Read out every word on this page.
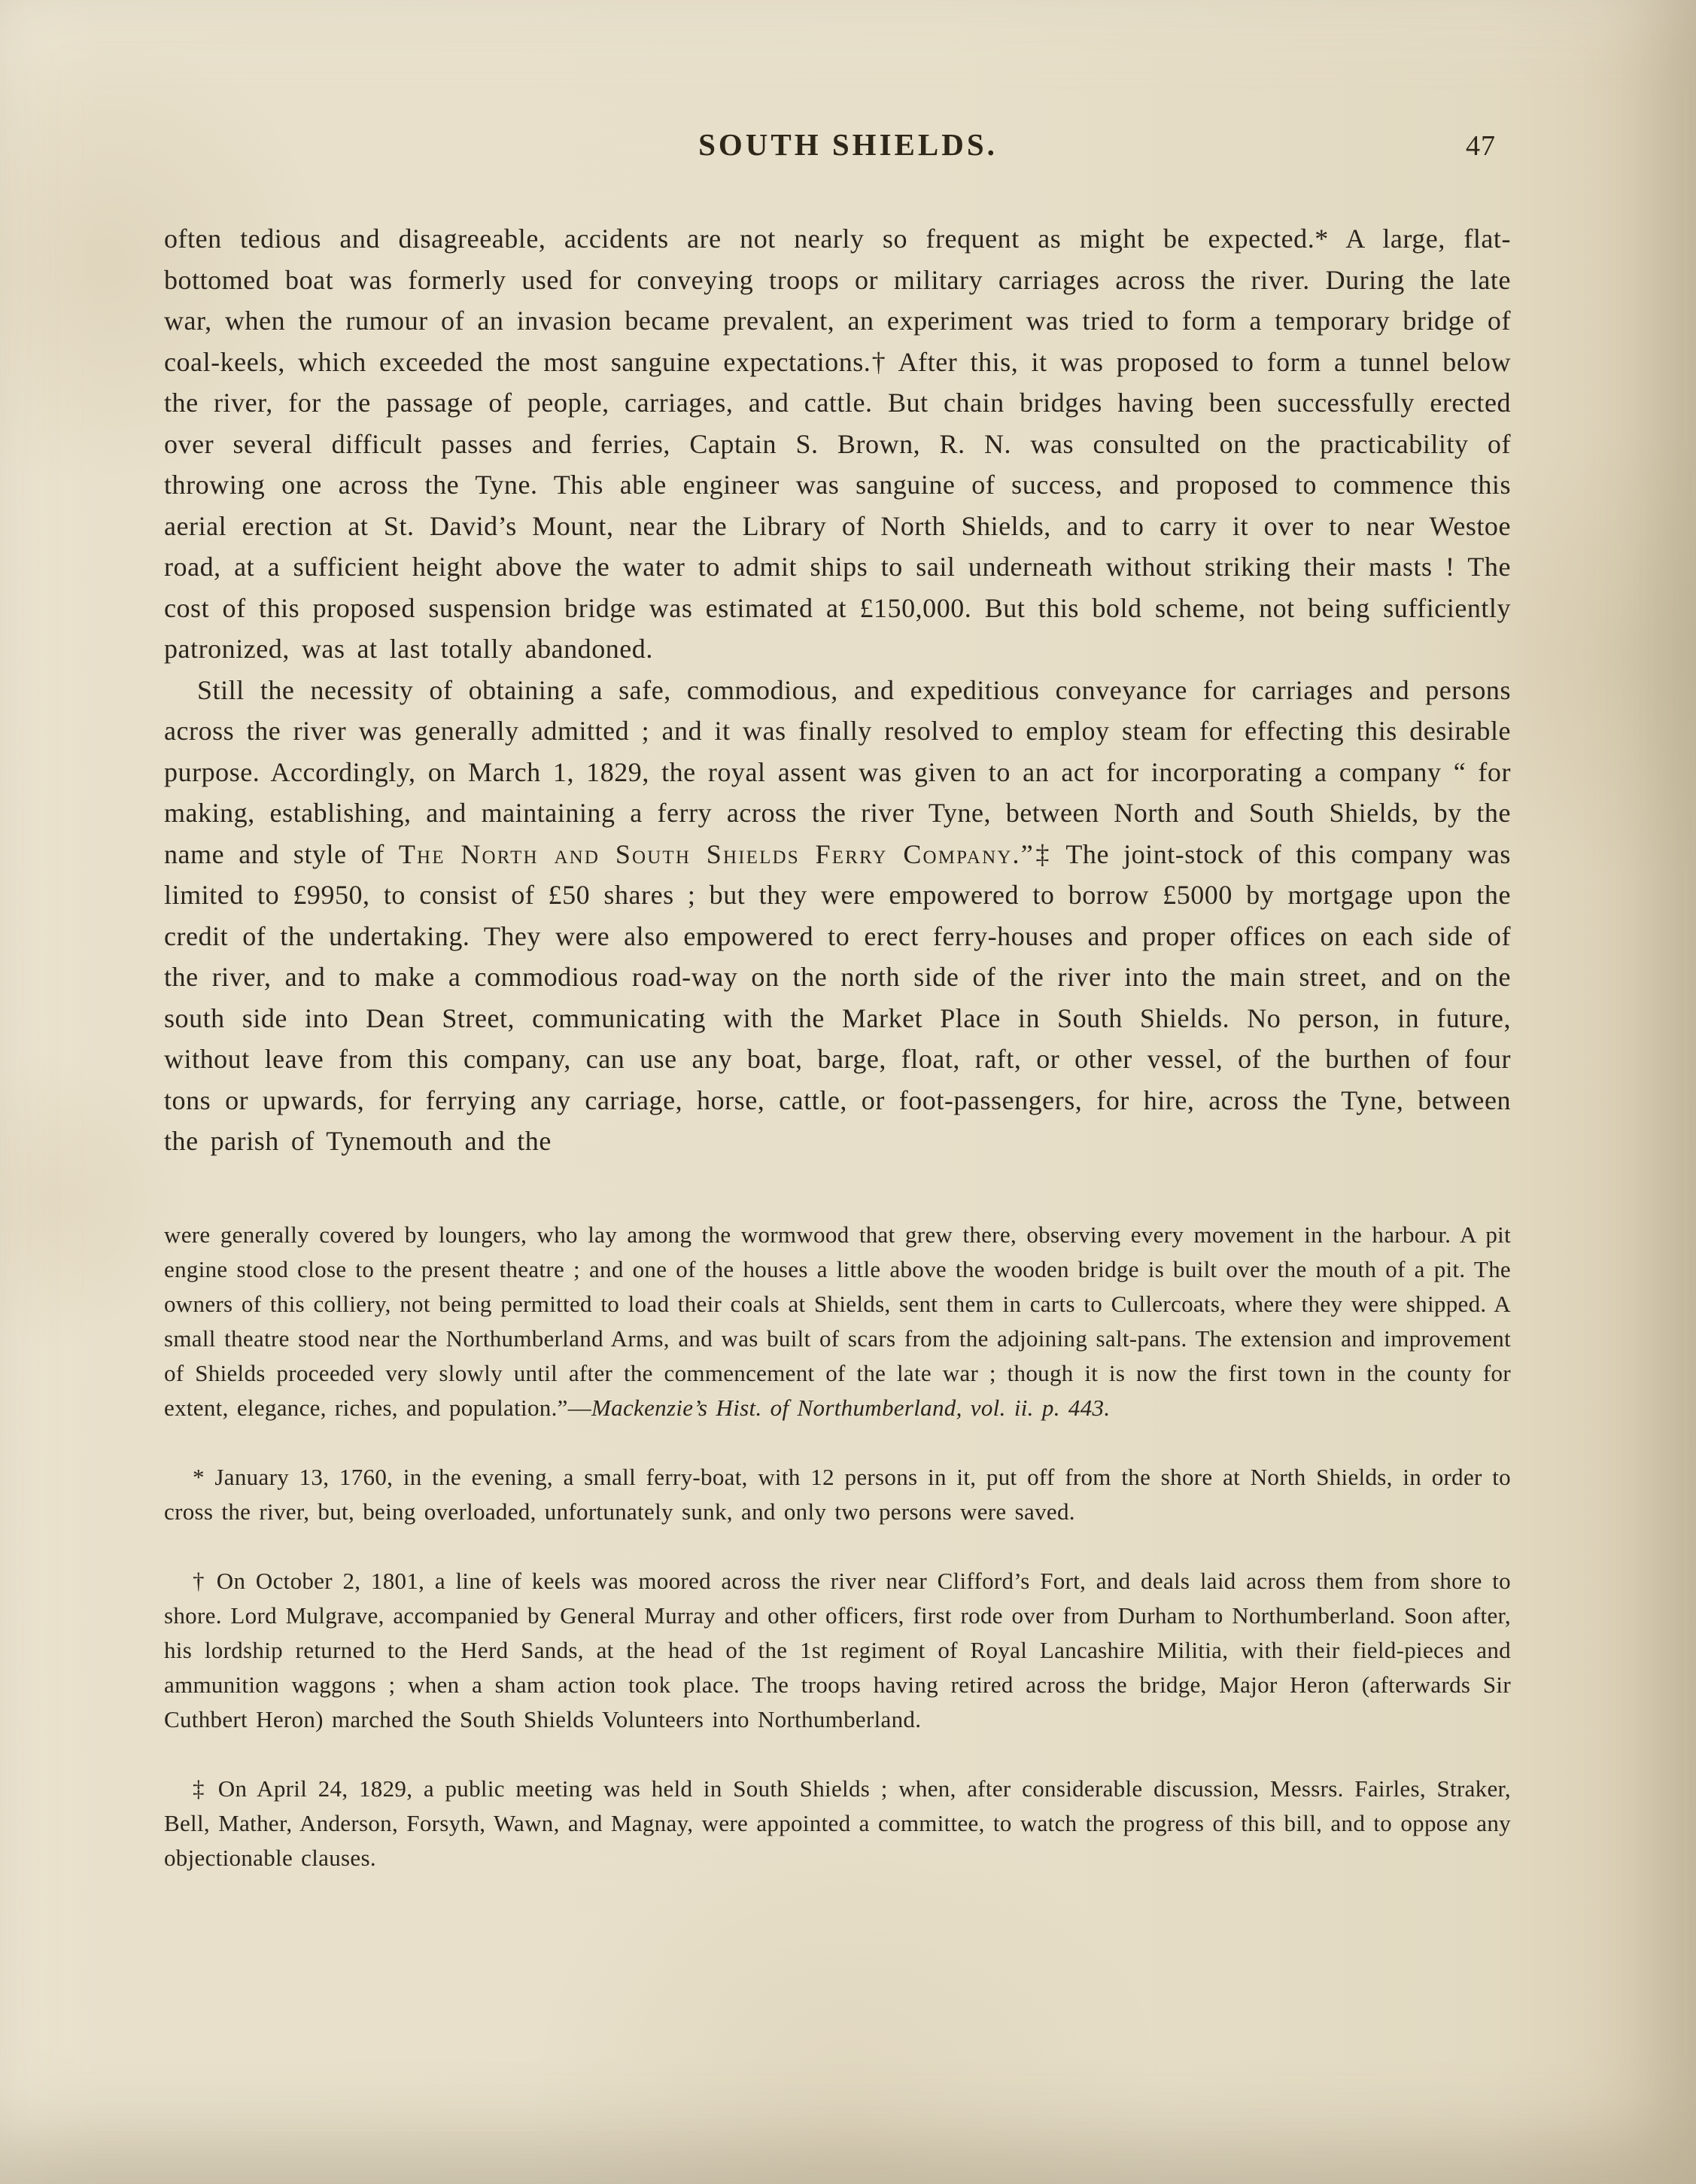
SOUTH SHIELDS.	47

often tedious and disagreeable, accidents are not nearly so frequent as might be expected.* A large, flat-bottomed boat was formerly used for conveying troops or military carriages across the river. During the late war, when the rumour of an invasion became prevalent, an experiment was tried to form a temporary bridge of coal-keels, which exceeded the most sanguine expectations.† After this, it was proposed to form a tunnel below the river, for the passage of people, carriages, and cattle. But chain bridges having been successfully erected over several difficult passes and ferries, Captain S. Brown, R. N. was consulted on the practicability of throwing one across the Tyne. This able engineer was sanguine of success, and proposed to commence this aerial erection at St. David’s Mount, near the Library of North Shields, and to carry it over to near Westoe road, at a sufficient height above the water to admit ships to sail underneath without striking their masts ! The cost of this proposed suspension bridge was estimated at £150,000. But this bold scheme, not being sufficiently patronized, was at last totally abandoned.

Still the necessity of obtaining a safe, commodious, and expeditious conveyance for carriages and persons across the river was generally admitted ; and it was finally resolved to employ steam for effecting this desirable purpose. Accordingly, on March 1, 1829, the royal assent was given to an act for incorporating a company “ for making, establishing, and maintaining a ferry across the river Tyne, between North and South Shields, by the name and style of The North and South Shields Ferry Company.”‡ The joint-stock of this company was limited to £9950, to consist of £50 shares ; but they were empowered to borrow £5000 by mortgage upon the credit of the undertaking. They were also empowered to erect ferry-houses and proper offices on each side of the river, and to make a commodious road-way on the north side of the river into the main street, and on the south side into Dean Street, communicating with the Market Place in South Shields. No person, in future, without leave from this company, can use any boat, barge, float, raft, or other vessel, of the burthen of four tons or upwards, for ferrying any carriage, horse, cattle, or foot-passengers, for hire, across the Tyne, between the parish of Tynemouth and the

were generally covered by loungers, who lay among the wormwood that grew there, observing every movement in the harbour. A pit engine stood close to the present theatre ; and one of the houses a little above the wooden bridge is built over the mouth of a pit. The owners of this colliery, not being permitted to load their coals at Shields, sent them in carts to Cullercoats, where they were shipped. A small theatre stood near the Northumberland Arms, and was built of scars from the adjoining salt-pans. The extension and improvement of Shields proceeded very slowly until after the commencement of the late war ; though it is now the first town in the county for extent, elegance, riches, and population.”—Mackenzie’s Hist. of Northumberland, vol. ii. p. 443.

* January 13, 1760, in the evening, a small ferry-boat, with 12 persons in it, put off from the shore at North Shields, in order to cross the river, but, being overloaded, unfortunately sunk, and only two persons were saved.

† On October 2, 1801, a line of keels was moored across the river near Clifford’s Fort, and deals laid across them from shore to shore. Lord Mulgrave, accompanied by General Murray and other officers, first rode over from Durham to Northumberland. Soon after, his lordship returned to the Herd Sands, at the head of the 1st regiment of Royal Lancashire Militia, with their field-pieces and ammunition waggons ; when a sham action took place. The troops having retired across the bridge, Major Heron (afterwards Sir Cuthbert Heron) marched the South Shields Volunteers into Northumberland.

‡ On April 24, 1829, a public meeting was held in South Shields ; when, after considerable discussion, Messrs. Fairles, Straker, Bell, Mather, Anderson, Forsyth, Wawn, and Magnay, were appointed a committee, to watch the progress of this bill, and to oppose any objectionable clauses.
